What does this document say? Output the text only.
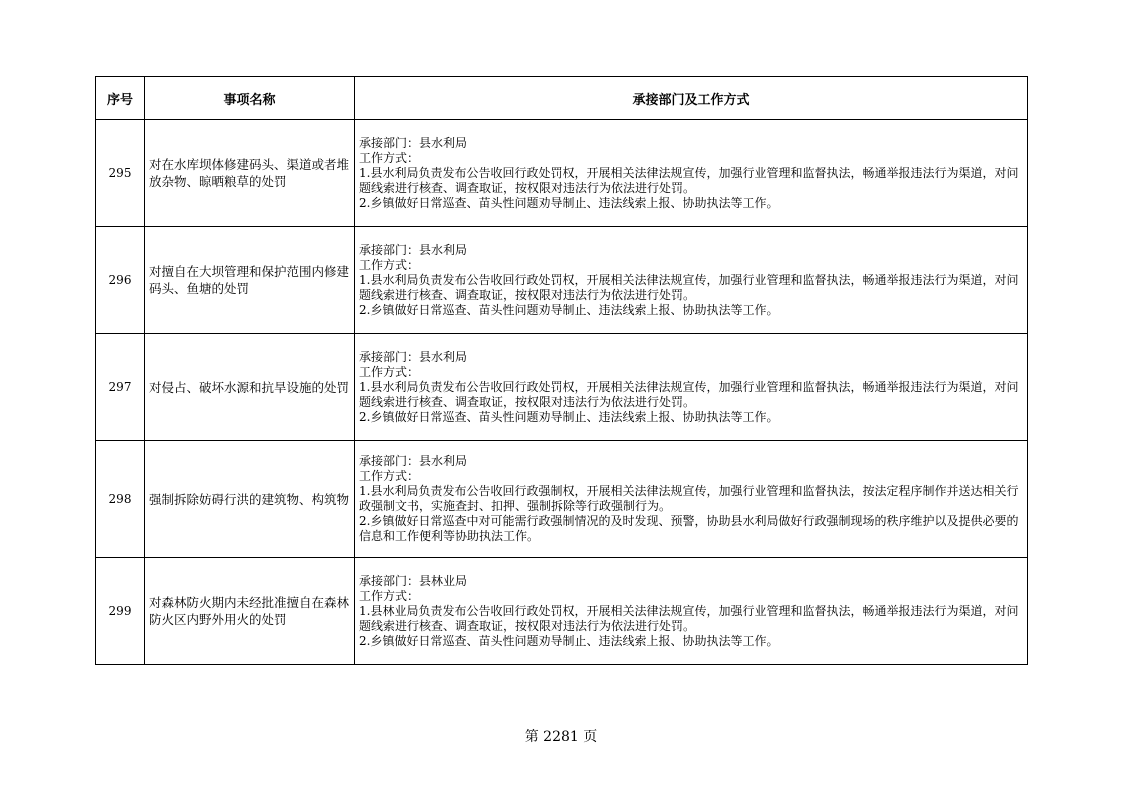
序号	事项名称	承接部门及工作方式
295	对在水库坝体修建码头、渠道或者堆放杂物、晾晒粮草的处罚	承接部门：县水利局
工作方式：
1.县水利局负责发布公告收回行政处罚权，开展相关法律法规宣传，加强行业管理和监督执法，畅通举报违法行为渠道，对问题线索进行核查、调查取证，按权限对违法行为依法进行处罚。
2.乡镇做好日常巡查、苗头性问题劝导制止、违法线索上报、协助执法等工作。

296	对擅自在大坝管理和保护范围内修建码头、鱼塘的处罚	承接部门：县水利局
工作方式：
1.县水利局负责发布公告收回行政处罚权，开展相关法律法规宣传，加强行业管理和监督执法，畅通举报违法行为渠道，对问题线索进行核查、调查取证，按权限对违法行为依法进行处罚。
2.乡镇做好日常巡查、苗头性问题劝导制止、违法线索上报、协助执法等工作。

297	对侵占、破坏水源和抗旱设施的处罚	承接部门：县水利局
工作方式：
1.县水利局负责发布公告收回行政处罚权，开展相关法律法规宣传，加强行业管理和监督执法，畅通举报违法行为渠道，对问题线索进行核查、调查取证，按权限对违法行为依法进行处罚。
2.乡镇做好日常巡查、苗头性问题劝导制止、违法线索上报、协助执法等工作。

298	强制拆除妨碍行洪的建筑物、构筑物	承接部门：县水利局
工作方式：
1.县水利局负责发布公告收回行政强制权，开展相关法律法规宣传，加强行业管理和监督执法，按法定程序制作并送达相关行政强制文书，实施查封、扣押、强制拆除等行政强制行为。
2.乡镇做好日常巡查中对可能需行政强制情况的及时发现、预警，协助县水利局做好行政强制现场的秩序维护以及提供必要的信息和工作便利等协助执法工作。

299	对森林防火期内未经批准擅自在森林防火区内野外用火的处罚	承接部门：县林业局
工作方式：
1.县林业局负责发布公告收回行政处罚权，开展相关法律法规宣传，加强行业管理和监督执法，畅通举报违法行为渠道，对问题线索进行核查、调查取证，按权限对违法行为依法进行处罚。
2.乡镇做好日常巡查、苗头性问题劝导制止、违法线索上报、协助执法等工作。
第 2281 页
